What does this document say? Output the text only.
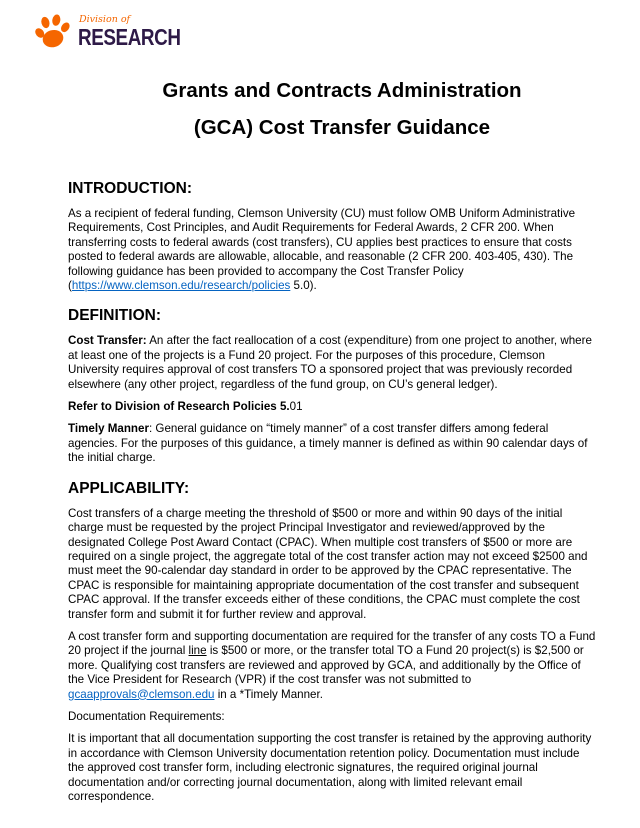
Division of
RESEARCH
Grants and Contracts Administration
(GCA) Cost Transfer Guidance
INTRODUCTION:

As a recipient of federal funding, Clemson University (CU) must follow OMB Uniform Administrative Requirements, Cost Principles, and Audit Requirements for Federal Awards, 2 CFR 200. When transferring costs to federal awards (cost transfers), CU applies best practices to ensure that costs posted to federal awards are allowable, allocable, and reasonable (2 CFR 200. 403-405, 430). The following guidance has been provided to accompany the Cost Transfer Policy (https://www.clemson.edu/research/policies 5.0).

DEFINITION:

Cost Transfer: An after the fact reallocation of a cost (expenditure) from one project to another, where at least one of the projects is a Fund 20 project. For the purposes of this procedure, Clemson University requires approval of cost transfers TO a sponsored project that was previously recorded elsewhere (any other project, regardless of the fund group, on CU’s general ledger).

Refer to Division of Research Policies 5.01

Timely Manner: General guidance on “timely manner” of a cost transfer differs among federal agencies. For the purposes of this guidance, a timely manner is defined as within 90 calendar days of the initial charge.

APPLICABILITY:

Cost transfers of a charge meeting the threshold of $500 or more and within 90 days of the initial charge must be requested by the project Principal Investigator and reviewed/approved by the designated College Post Award Contact (CPAC). When multiple cost transfers of $500 or more are required on a single project, the aggregate total of the cost transfer action may not exceed $2500 and must meet the 90-calendar day standard in order to be approved by the CPAC representative. The CPAC is responsible for maintaining appropriate documentation of the cost transfer and subsequent CPAC approval. If the transfer exceeds either of these conditions, the CPAC must complete the cost transfer form and submit it for further review and approval.

A cost transfer form and supporting documentation are required for the transfer of any costs TO a Fund 20 project if the journal line is $500 or more, or the transfer total TO a Fund 20 project(s) is $2,500 or more. Qualifying cost transfers are reviewed and approved by GCA, and additionally by the Office of the Vice President for Research (VPR) if the cost transfer was not submitted to gcaapprovals@clemson.edu in a *Timely Manner.

Documentation Requirements:

It is important that all documentation supporting the cost transfer is retained by the approving authority in accordance with Clemson University documentation retention policy. Documentation must include the approved cost transfer form, including electronic signatures, the required original journal documentation and/or correcting journal documentation, along with limited relevant email correspondence.
